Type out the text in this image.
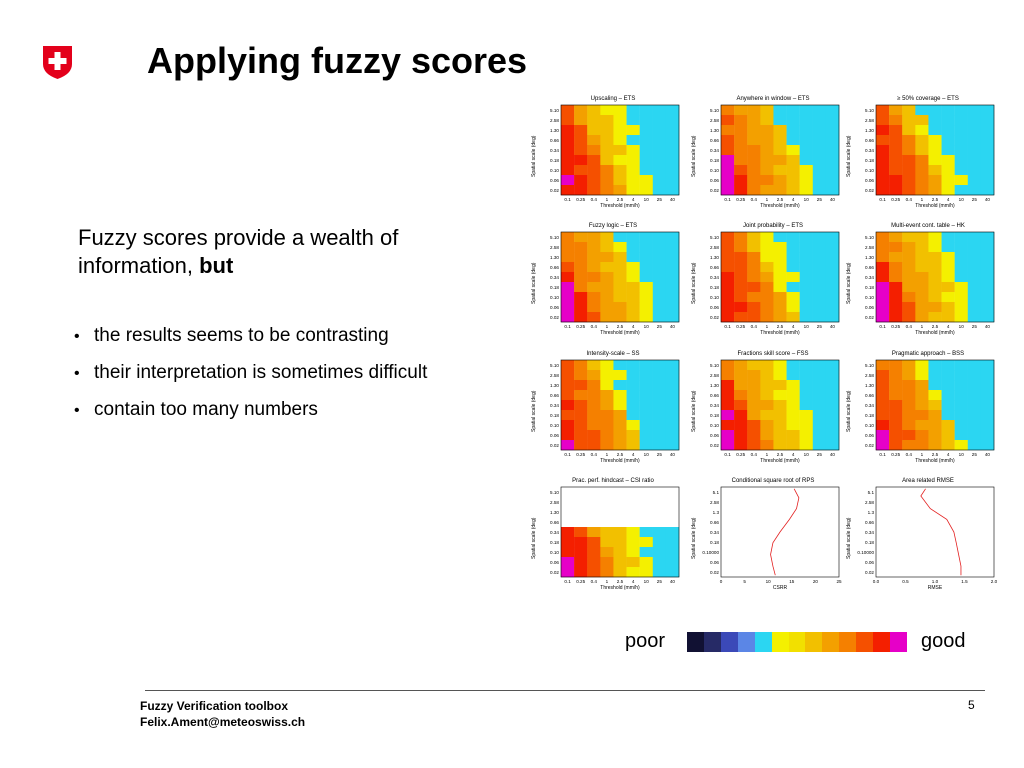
Applying fuzzy scores
Fuzzy scores provide a wealth of information, but
• the results seems to be contrasting
• their interpretation is sometimes difficult
• contain too many numbers
Upscaling – ETS
5.10
2.58
1.30
0.66
0.34
0.18
0.10
0.06
0.02
0.1 0.25 0.4 1 2.5 4 10 25 40
Spatial scale (deg)
Threshold (mm/h)
Anywhere in window – ETS
5.10
2.58
1.30
0.66
0.34
0.18
0.10
0.06
0.02
0.1 0.25 0.4 1 2.5 4 10 25 40
Spatial scale (deg)
Threshold (mm/h)
≥ 50% coverage – ETS
5.10
2.58
1.30
0.66
0.34
0.18
0.10
0.06
0.02
0.1 0.25 0.4 1 2.5 4 10 25 40
Spatial scale (deg)
Threshold (mm/h)
Fuzzy logic – ETS
5.10
2.58
1.30
0.66
0.34
0.18
0.10
0.06
0.02
0.1 0.25 0.4 1 2.5 4 10 25 40
Spatial scale (deg)
Threshold (mm/h)
Joint probability – ETS
5.10
2.58
1.30
0.66
0.34
0.18
0.10
0.06
0.02
0.1 0.25 0.4 1 2.5 4 10 25 40
Spatial scale (deg)
Threshold (mm/h)
Multi-event cont. table – HK
5.10
2.58
1.30
0.66
0.34
0.18
0.10
0.06
0.02
0.1 0.25 0.4 1 2.5 4 10 25 40
Spatial scale (deg)
Threshold (mm/h)
Intensity-scale – SS
5.10
2.58
1.30
0.66
0.34
0.18
0.10
0.06
0.02
0.1 0.25 0.4 1 2.5 4 10 25 40
Spatial scale (deg)
Threshold (mm/h)
Fractions skill score – FSS
5.10
2.58
1.30
0.66
0.34
0.18
0.10
0.06
0.02
0.1 0.25 0.4 1 2.5 4 10 25 40
Spatial scale (deg)
Threshold (mm/h)
Pragmatic approach – BSS
5.10
2.58
1.30
0.66
0.34
0.18
0.10
0.06
0.02
0.1 0.25 0.4 1 2.5 4 10 25 40
Spatial scale (deg)
Threshold (mm/h)
Prac. perf. hindcast – CSI ratio
5.10
2.58
1.30
0.66
0.34
0.18
0.10
0.06
0.02
0.1 0.25 0.4 1 2.5 4 10 25 40
Spatial scale (deg)
Threshold (mm/h)
Conditional square root of RPS
5.1
2.58
1.3
0.66
0.34
0.18
0.10000
0.06
0.02
0	5	10	15	20	25
Spatial scale (deg)
CSRR
Area related RMSE
5.1
2.58
1.3
0.66
0.34
0.18
0.10000
0.06
0.02
0.0	0.5	1.0	1.5	2.0
Spatial scale (deg)
RMSE
poor	good
Fuzzy Verification toolbox
Felix.Ament@meteoswiss.ch
5
